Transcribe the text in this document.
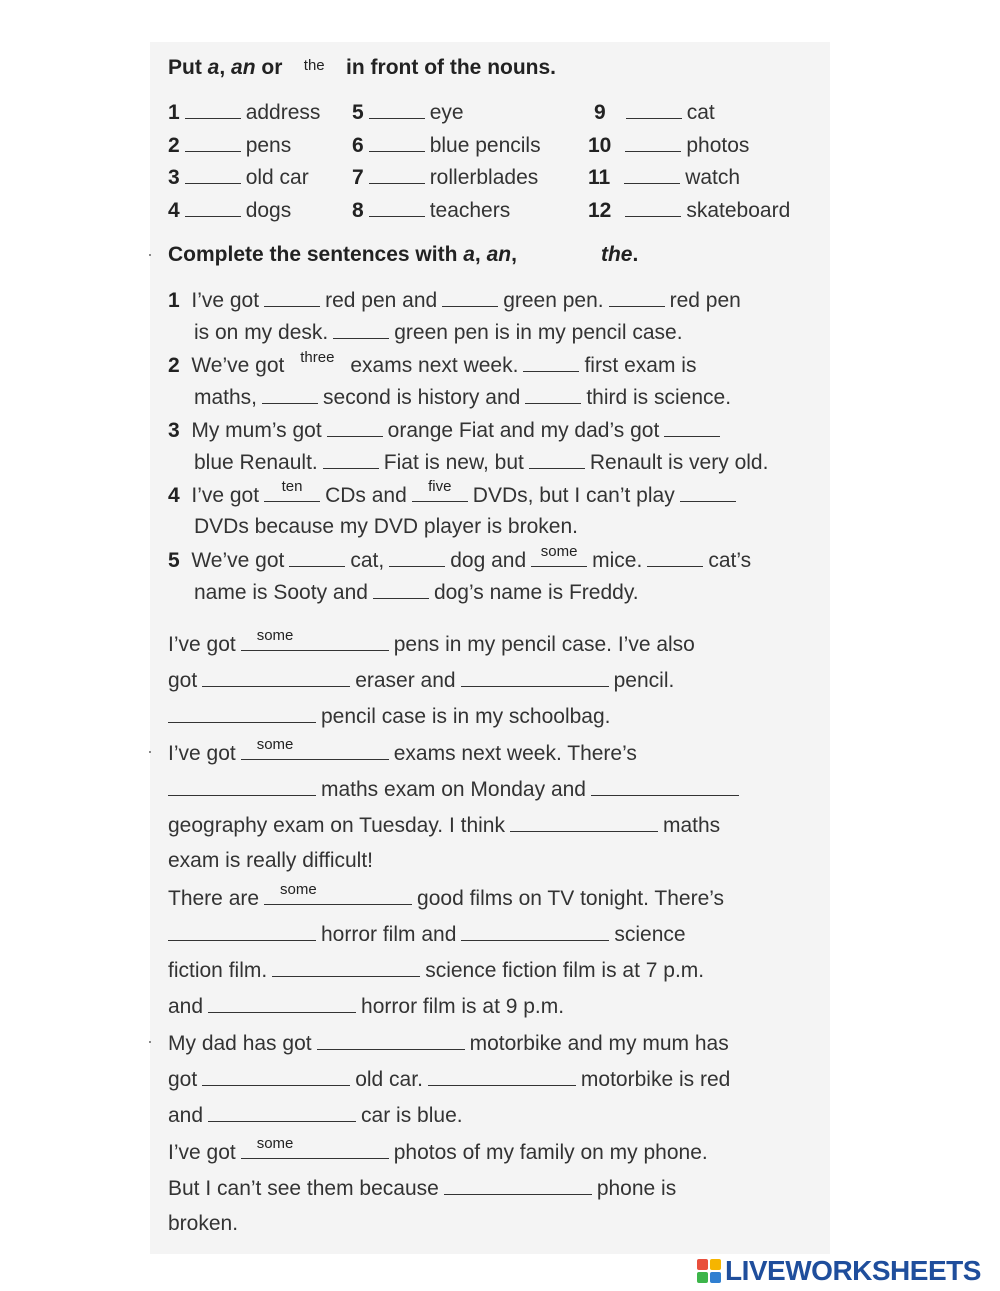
Put a, an or	the in front of the nouns.
1	address
2	pens
3	old car
4	dogs
5	eye
6	blue pencils
7	rollerblades
8	teachers
9	cat
10	photos
11	watch
12	skateboard
· Complete the sentences with a, an,	the.
1 I’ve got	red pen and	green pen.	red pen
is on my desk.	green pen is in my pencil case.
2 We’ve got	three exams next week.	first exam is
maths,	second is history and	third is science.
3 My mum’s got	orange Fiat and my dad’s got
blue Renault.	Fiat is new, but	Renault is very old.
4 I’ve got	ten	CDs and	five	DVDs, but I can’t play
DVDs because my DVD player is broken.
5 We’ve got	cat,	dog and some mice.	cat’s
name is Sooty and	dog’s name is Freddy.
I’ve got	some	pens in my pencil case. I’ve also
got	eraser and	pencil.
pencil case is in my schoolbag.
· I’ve got	some	exams next week. There’s
maths exam on Monday and
geography exam on Tuesday. I think	maths
exam is really difficult!
There are	some	good films on TV tonight. There’s
horror film and	science
fiction film.	science fiction film is at 7 p.m.
and	horror film is at 9 p.m.
· My dad has got	motorbike and my mum has
got	old car.	motorbike is red
and	car is blue.
I’ve got	some	photos of my family on my phone.
But I can’t see them because	phone is
broken.
LIVEWORKSHEETS
